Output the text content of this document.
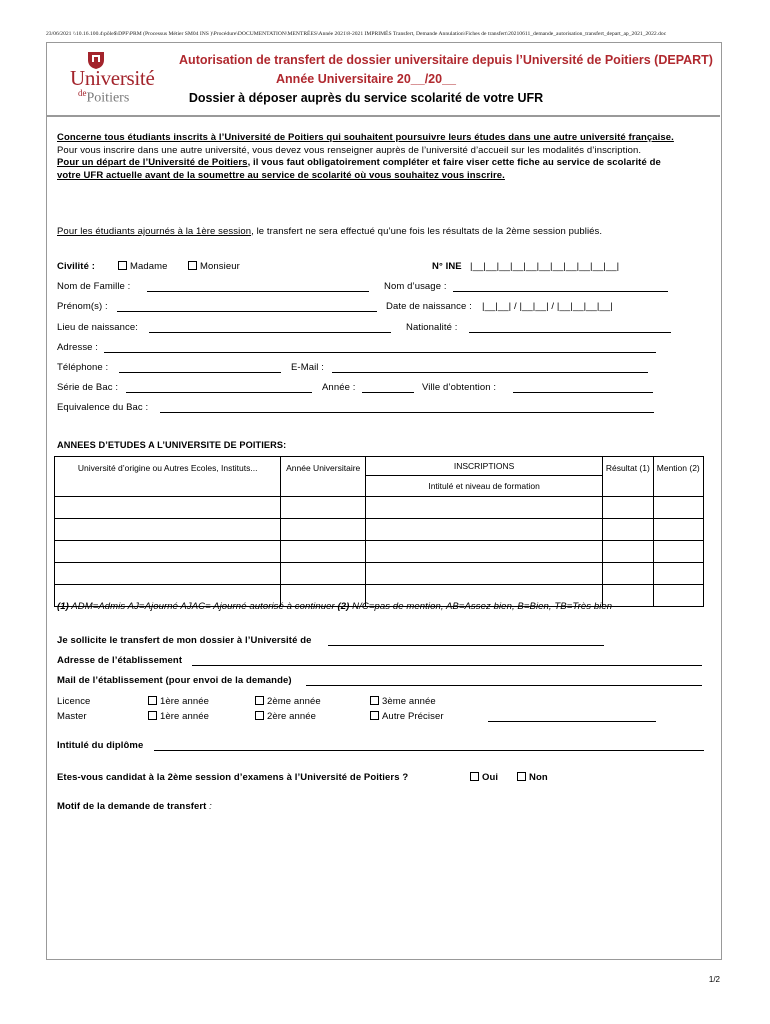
23/06/2021 \\10.16.100.4\pôle$\DPF\PRM (Processus Métier SM04 INS )\Procédure\DOCUMENTATION\MENTRÉES\Année 2021\8-2021 IMPRIMÉS Transfert, Demande Annulation\Fiches de transfert\20210611_demande_autorisation_transfert_depart_ap_2021_2022.doc
Université
$^{de}$Poitiers
Autorisation de transfert de dossier universitaire depuis l’Université de Poitiers (DEPART)
Année Universitaire 20__/20__
Dossier à déposer auprès du service scolarité de votre UFR
Concerne tous étudiants inscrits à l’Université de Poitiers qui souhaitent poursuivre leurs études dans une autre université française.
Pour vous inscrire dans une autre université, vous devez vous renseigner auprès de l’université d’accueil sur les modalités d’inscription.
Pour un départ de l’Université de Poitiers, il vous faut obligatoirement compléter et faire viser cette fiche au service de scolarité de
votre UFR actuelle avant de la soumettre au service de scolarité où vous souhaitez vous inscrire.
Pour les étudiants ajournés à la 1ère session, le transfert ne sera effectué qu’une fois les résultats de la 2ème session publiés.
Civilité :	Madame	Monsieur	N° INE |__|__|__|__|__|__|__|__|__|__|__|
Nom de Famille :	Nom d’usage :
Prénom(s) :	Date de naissance : |__|__| / |__|__| / |__|__|__|__|
Lieu de naissance:	Nationalité :
Adresse :
Téléphone :	E-Mail :
Série de Bac :	Année :	Ville d’obtention :
Equivalence du Bac :
ANNEES D’ETUDES A L’UNIVERSITE DE POITIERS:
Université d’origine ou Autres Ecoles, Instituts...	Année Universitaire	INSCRIPTIONS	Résultat (1)	Mention (2)
		Intitulé et niveau de formation		

(1) ADM=Admis AJ=Ajourné AJAC= Ajourné autorisé à continuer (2) N/C=pas de mention, AB=Assez bien, B=Bien, TB=Très bien
Je sollicite le transfert de mon dossier à l’Université de
Adresse de l’établissement
Mail de l’établissement (pour envoi de la demande)
Licence	1ère année	2ème année	3ème année
Master	1ère année	2ère année	Autre Préciser
Intitulé du diplôme
Etes-vous candidat à la 2ème session d’examens à l’Université de Poitiers ?	Oui	Non
Motif de la demande de transfert :
1/2
